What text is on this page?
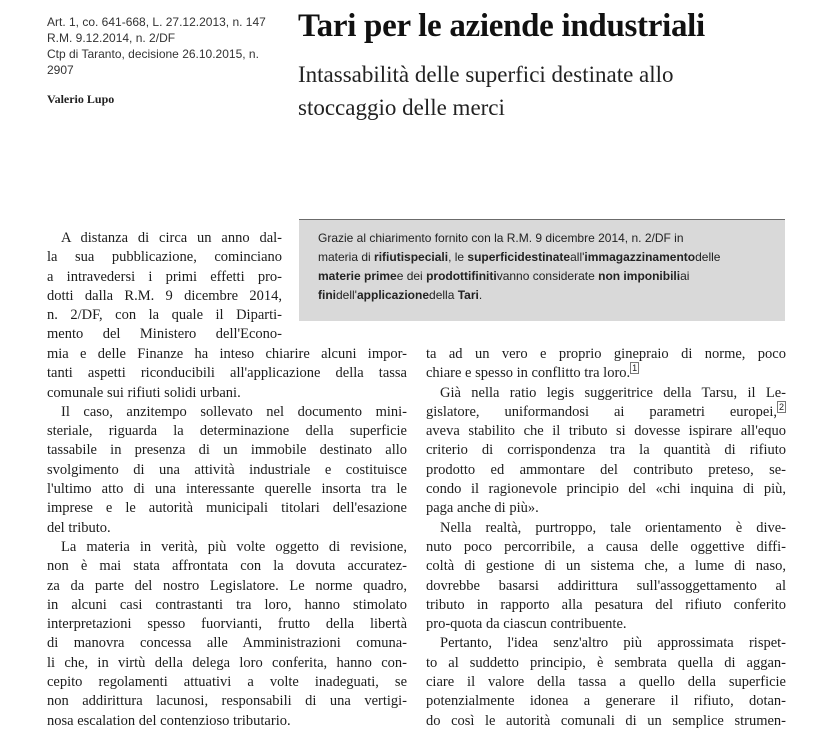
Art. 1, co. 641-668, L. 27.12.2013, n. 147

R.M. 9.12.2014, n. 2/DF

Ctp di Taranto, decisione 26.10.2015, n.

2907

Valerio Lupo
Tari per le aziende industriali
Intassabilità delle superfici destinate allo stoccaggio delle merci
Grazie al chiarimento fornito con la R.M. 9 dicembre 2014, n. 2/DF in
materia di rifiutispeciali, le superficidestinateall'immagazzinamentodelle
materie primee dei prodottifinitivanno considerate non imponibiliai
finidell'applicazionedella Tari.
A distanza di circa un anno dal-
la sua pubblicazione, cominciano
a intravedersi i primi effetti pro-
dotti dalla R.M. 9 dicembre 2014,
n. 2/DF, con la quale il Diparti-
mento del Ministero dell'Econo-
mia e delle Finanze ha inteso chiarire alcuni impor-
tanti aspetti riconducibili all'applicazione della tassa
comunale sui rifiuti solidi urbani.
Il caso, anzitempo sollevato nel documento mini-
steriale, riguarda la determinazione della superficie
tassabile in presenza di un immobile destinato allo
svolgimento di una attività industriale e costituisce
l'ultimo atto di una interessante querelle insorta tra le
imprese e le autorità municipali titolari dell'esazione
del tributo.
La materia in verità, più volte oggetto di revisione,
non è mai stata affrontata con la dovuta accuratez-
za da parte del nostro Legislatore. Le norme quadro,
in alcuni casi contrastanti tra loro, hanno stimolato
interpretazioni spesso fuorvianti, frutto della libertà
di manovra concessa alle Amministrazioni comuna-
li che, in virtù della delega loro conferita, hanno con-
cepito regolamenti attuativi a volte inadeguati, se
non addirittura lacunosi, responsabili di una vertigi-
nosa escalation del contenzioso tributario.
ta ad un vero e proprio ginepraio di norme, poco
chiare e spesso in conflitto tra loro. $^1$
Già nella ratio legis suggeritrice della Tarsu, il Le-
gislatore, uniformandosi ai parametri europei, $^2$
aveva stabilito che il tributo si dovesse ispirare all'equo
criterio di corrispondenza tra la quantità di rifiuto
prodotto ed ammontare del contributo preteso, se-
condo il ragionevole principio del «chi inquina di più,
paga anche di più».
Nella realtà, purtroppo, tale orientamento è dive-
nuto poco percorribile, a causa delle oggettive diffi-
coltà di gestione di un sistema che, a lume di naso,
dovrebbe basarsi addirittura sull'assoggettamento al
tributo in rapporto alla pesatura del rifiuto conferito
pro-quota da ciascun contribuente.
Pertanto, l'idea senz'altro più approssimata rispet-
to al suddetto principio, è sembrata quella di aggan-
ciare il valore della tassa a quello della superficie
potenzialmente idonea a generare il rifiuto, dotan-
do così le autorità comunali di un semplice strumen-
